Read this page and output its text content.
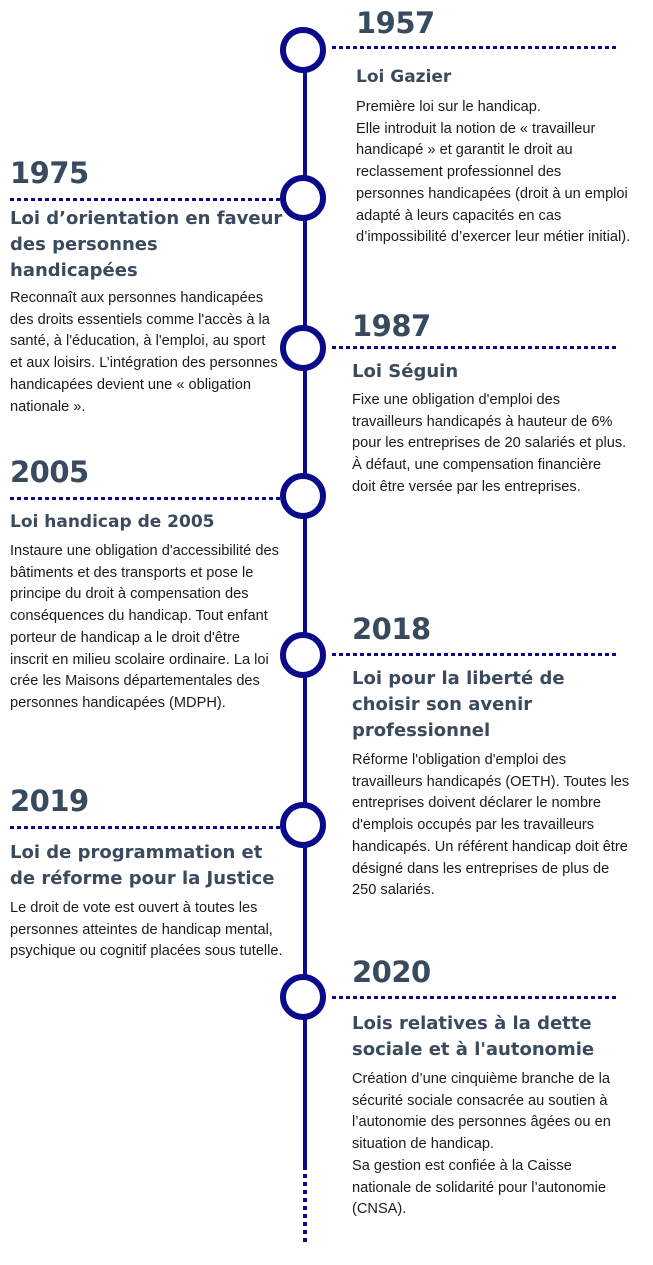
1957
Loi Gazier
Première loi sur le handicap.
Elle introduit la notion de « travailleur handicapé » et garantit le droit au reclassement professionnel des personnes handicapées (droit à un emploi adapté à leurs capacités en cas d’impossibilité d’exercer leur métier initial).
1975
Loi d’orientation en faveur des personnes handicapées
Reconnaît aux personnes handicapées des droits essentiels comme l'accès à la santé, à l'éducation, à l'emploi, au sport et aux loisirs. L’intégration des personnes handicapées devient une « obligation nationale ».
1987
Loi Séguin
Fixe une obligation d'emploi des travailleurs handicapés à hauteur de 6% pour les entreprises de 20 salariés et plus. À défaut, une compensation financière doit être versée par les entreprises.
2005
Loi handicap de 2005
Instaure une obligation d'accessibilité des bâtiments et des transports et pose le principe du droit à compensation des conséquences du handicap. Tout enfant porteur de handicap a le droit d'être inscrit en milieu scolaire ordinaire. La loi crée les Maisons départementales des personnes handicapées (MDPH).
2018
Loi pour la liberté de choisir son avenir professionnel
Réforme l'obligation d'emploi des travailleurs handicapés (OETH). Toutes les entreprises doivent déclarer le nombre d'emplois occupés par les travailleurs handicapés. Un référent handicap doit être désigné dans les entreprises de plus de 250 salariés.
2019
Loi de programmation et de réforme pour la Justice
Le droit de vote est ouvert à toutes les personnes atteintes de handicap mental, psychique ou cognitif placées sous tutelle.
2020
Lois relatives à la dette sociale et à l'autonomie
Création d’une cinquième branche de la sécurité sociale consacrée au soutien à l’autonomie des personnes âgées ou en situation de handicap.
Sa gestion est confiée à la Caisse nationale de solidarité pour l’autonomie (CNSA).
